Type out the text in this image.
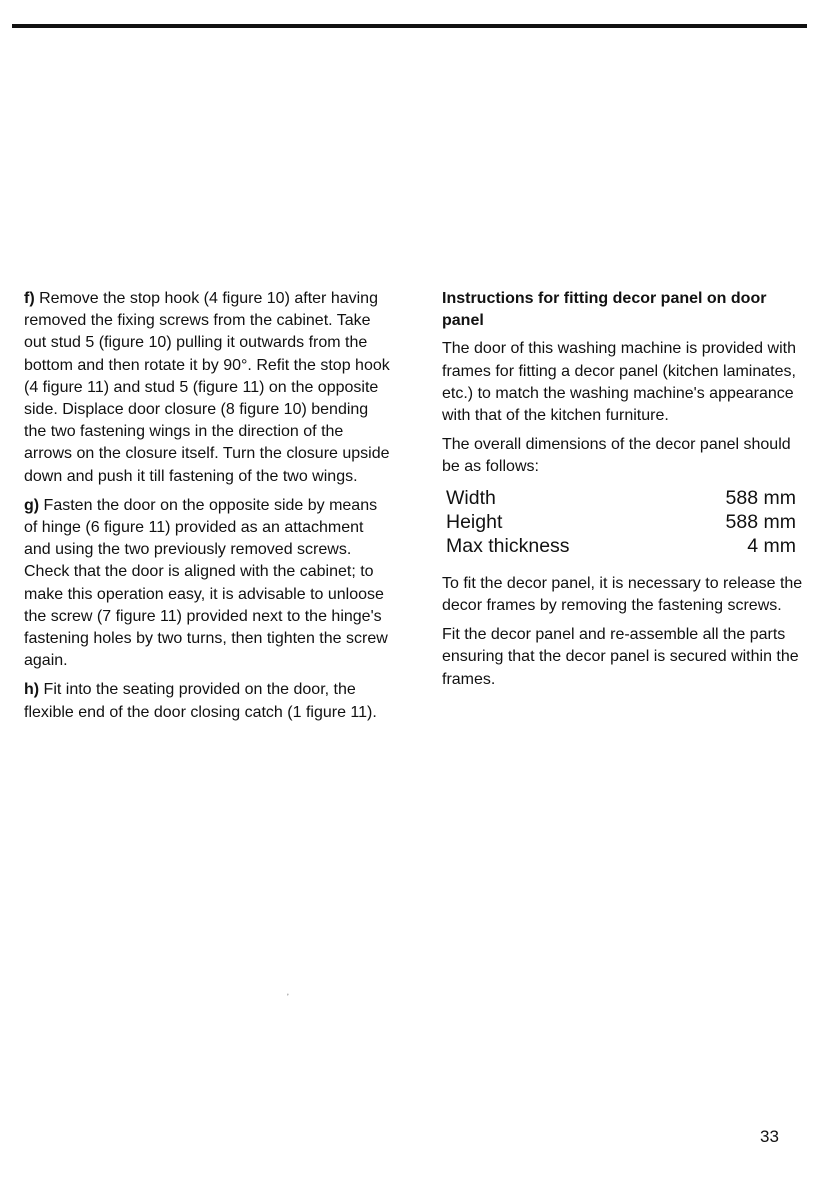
f) Remove the stop hook (4 figure 10) after having removed the fixing screws from the cabinet. Take out stud 5 (figure 10) pulling it outwards from the bottom and then rotate it by 90°. Refit the stop hook (4 figure 11) and stud 5 (figure 11) on the opposite side. Displace door closure (8 figure 10) bending the two fastening wings in the direction of the arrows on the closure itself. Turn the closure upside down and push it till fastening of the two wings.

g) Fasten the door on the opposite side by means of hinge (6 figure 11) provided as an attachment and using the two previously removed screws. Check that the door is aligned with the cabinet; to make this operation easy, it is advisable to unloose the screw (7 figure 11) provided next to the hinge's fastening holes by two turns, then tighten the screw again.

h) Fit into the seating provided on the door, the flexible end of the door closing catch (1 figure 11).

Instructions for fitting decor panel on door panel

The door of this washing machine is provided with frames for fitting a decor panel (kitchen laminates, etc.) to match the washing machine's appearance with that of the kitchen furniture.

The overall dimensions of the decor panel should be as follows:

Width	588 mm
Height	588 mm
Max thickness	4 mm

To fit the decor panel, it is necessary to release the decor frames by removing the fastening screws.

Fit the decor panel and re-assemble all the parts ensuring that the decor panel is secured within the frames.

ʼ
33
